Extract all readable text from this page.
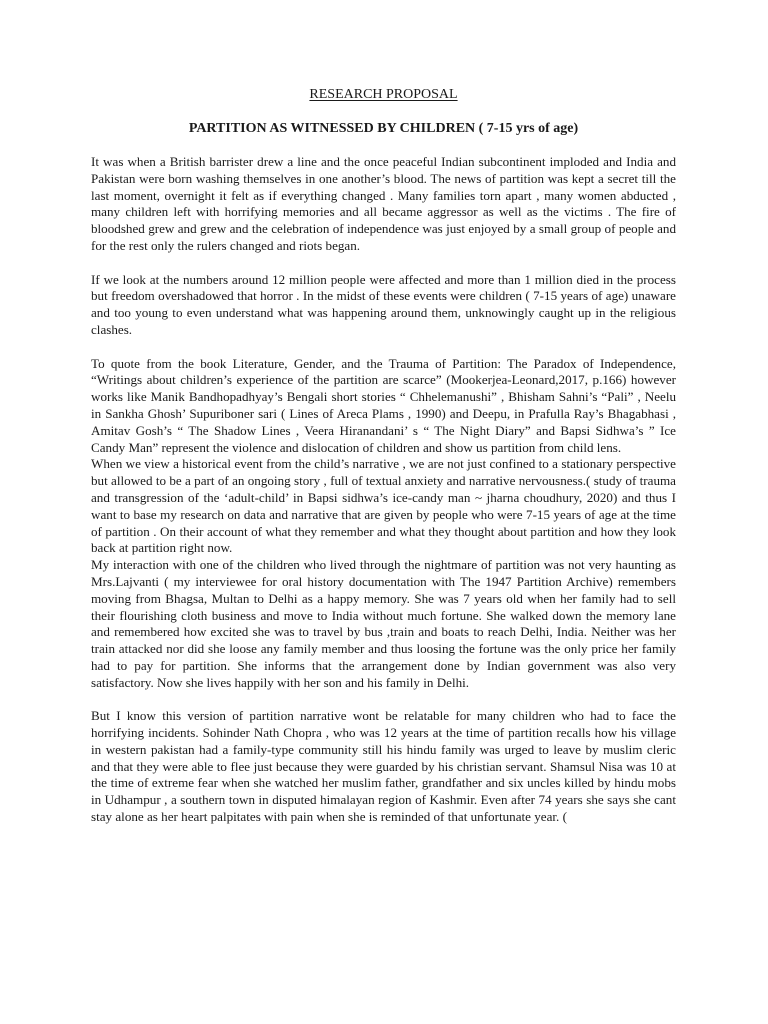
RESEARCH PROPOSAL

PARTITION AS WITNESSED BY CHILDREN ( 7-15 yrs of age)

It was when a British barrister drew a line and the once peaceful Indian subcontinent imploded and India and Pakistan were born washing themselves in one another’s blood. The news of partition was kept a secret till the last moment, overnight it felt as if everything changed . Many families torn apart , many women abducted , many children left with horrifying memories and all became aggressor as well as the victims . The fire of bloodshed grew and grew and the celebration of independence was just enjoyed by a small group of people and for the rest only the rulers changed and riots began.

If we look at the numbers around 12 million people were affected and more than 1 million died in the process but freedom overshadowed that horror . In the midst of these events were children ( 7-15 years of age) unaware and too young to even understand what was happening around them, unknowingly caught up in the religious clashes.

To quote from the book Literature, Gender, and the Trauma of Partition: The Paradox of Independence, “Writings about children’s experience of the partition are scarce” (Mookerjea-Leonard,2017, p.166) however works like Manik Bandhopadhyay’s Bengali short stories “ Chhelemanushi” , Bhisham Sahni’s “Pali” , Neelu in Sankha Ghosh’ Supuriboner sari ( Lines of Areca Plams , 1990) and Deepu, in Prafulla Ray’s Bhagabhasi , Amitav Gosh’s “ The Shadow Lines , Veera Hiranandani’ s “ The Night Diary” and Bapsi Sidhwa’s ” Ice Candy Man” represent the violence and dislocation of children and show us partition from child lens.

When we view a historical event from the child’s narrative , we are not just confined to a stationary perspective but allowed to be a part of an ongoing story , full of textual anxiety and narrative nervousness.( study of trauma and transgression of the ‘adult-child’ in Bapsi sidhwa’s ice-candy man ~ jharna choudhury, 2020) and thus I want to base my research on data and narrative that are given by people who were 7-15 years of age at the time of partition . On their account of what they remember and what they thought about partition and how they look back at partition right now.

My interaction with one of the children who lived through the nightmare of partition was not very haunting as Mrs.Lajvanti ( my interviewee for oral history documentation with The 1947 Partition Archive) remembers moving from Bhagsa, Multan to Delhi as a happy memory. She was 7 years old when her family had to sell their flourishing cloth business and move to India without much fortune. She walked down the memory lane and remembered how excited she was to travel by bus ,train and boats to reach Delhi, India. Neither was her train attacked nor did she loose any family member and thus loosing the fortune was the only price her family had to pay for partition. She informs that the arrangement done by Indian government was also very satisfactory. Now she lives happily with her son and his family in Delhi.

But I know this version of partition narrative wont be relatable for many children who had to face the horrifying incidents. Sohinder Nath Chopra , who was 12 years at the time of partition recalls how his village in western pakistan had a family-type community still his hindu family was urged to leave by muslim cleric and that they were able to flee just because they were guarded by his christian servant. Shamsul Nisa was 10 at the time of extreme fear when she watched her muslim father, grandfather and six uncles killed by hindu mobs in Udhampur , a southern town in disputed himalayan region of Kashmir. Even after 74 years she says she cant stay alone as her heart palpitates with pain when she is reminded of that unfortunate year. (
